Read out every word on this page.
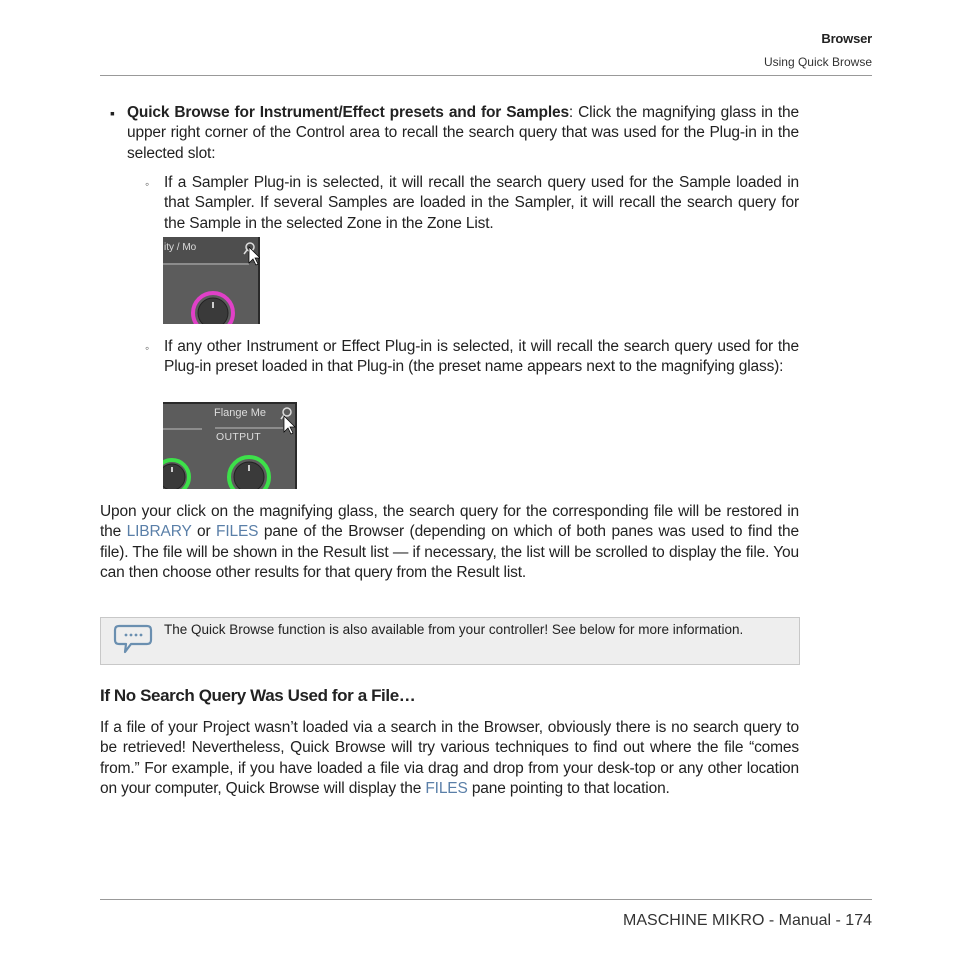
Browser
Using Quick Browse
▪ Quick Browse for Instrument/Effect presets and for Samples: Click the magnifying glass in the upper right corner of the Control area to recall the search query that was used for the Plug-in in the selected slot:

◦ If a Sampler Plug-in is selected, it will recall the search query used for the Sample loaded in that Sampler. If several Samples are loaded in the Sampler, it will recall the search query for the Sample in the selected Zone in the Zone List.

ity / Mo
◦ If any other Instrument or Effect Plug-in is selected, it will recall the search query used for the Plug-in preset loaded in that Plug-in (the preset name appears next to the magnifying glass):

Flange Me
OUTPUT

Upon your click on the magnifying glass, the search query for the corresponding file will be restored in the LIBRARY or FILES pane of the Browser (depending on which of both panes was used to find the file). The file will be shown in the Result list — if necessary, the list will be scrolled to display the file. You can then choose other results for that query from the Result list.

The Quick Browse function is also available from your controller! See below for more information.
If No Search Query Was Used for a File…

If a file of your Project wasn’t loaded via a search in the Browser, obviously there is no search query to be retrieved! Nevertheless, Quick Browse will try various techniques to find out where the file “comes from.” For example, if you have loaded a file via drag and drop from your desk-top or any other location on your computer, Quick Browse will display the FILES pane pointing to that location.

MASCHINE MIKRO - Manual - 174
